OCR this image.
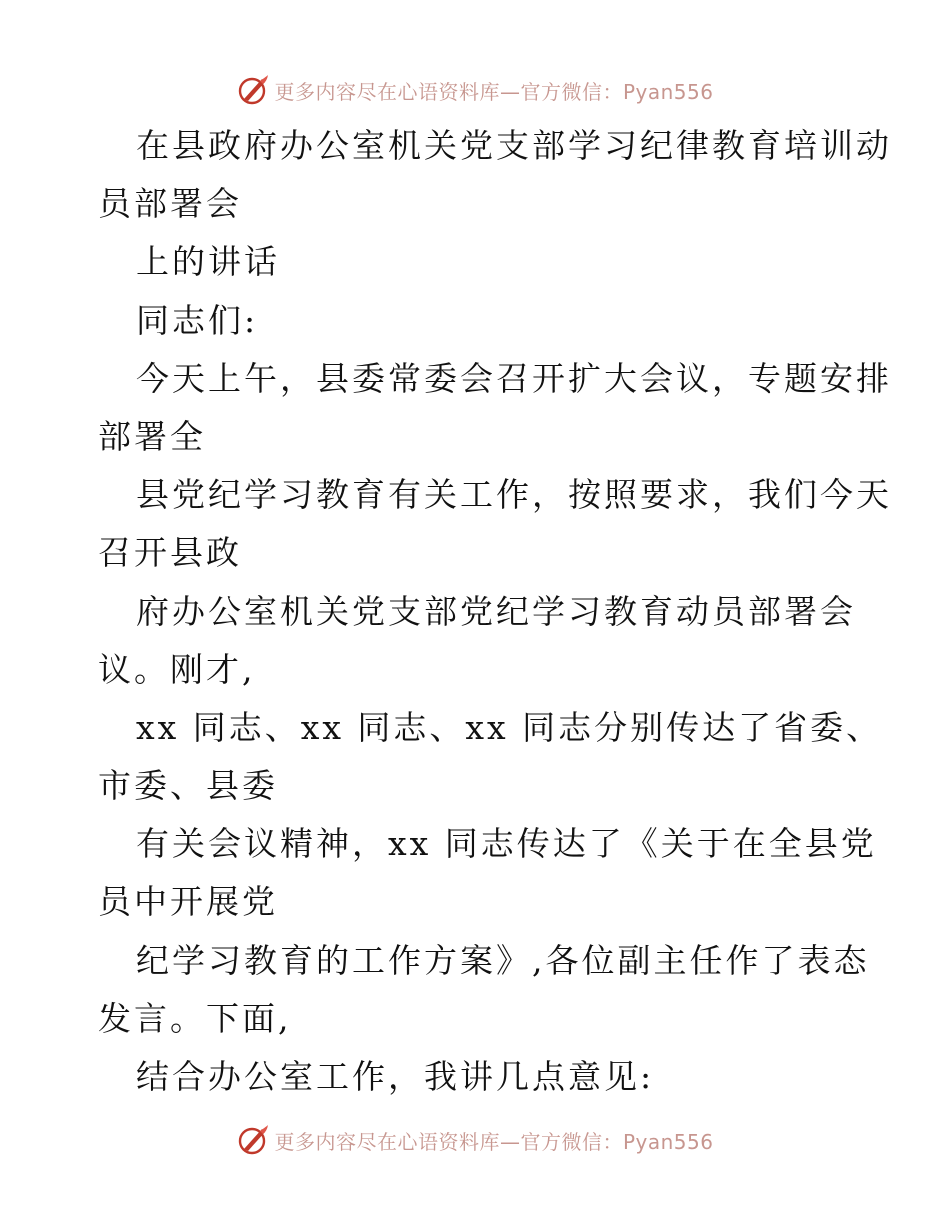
更多内容尽在心语资料库—官方微信：Pyan556
在县政府办公室机关党支部学习纪律教育培训动
员部署会
上的讲话
同志们:
今天上午，县委常委会召开扩大会议，专题安排
部署全
县党纪学习教育有关工作，按照要求，我们今天
召开县政
府办公室机关党支部党纪学习教育动员部署会
议。刚才,
xx 同志、xx 同志、xx 同志分别传达了省委、
市委、县委
有关会议精神，xx 同志传达了《关于在全县党
员中开展党
纪学习教育的工作方案》,各位副主任作了表态
发言。下面,
结合办公室工作，我讲几点意见:
更多内容尽在心语资料库—官方微信：Pyan556
